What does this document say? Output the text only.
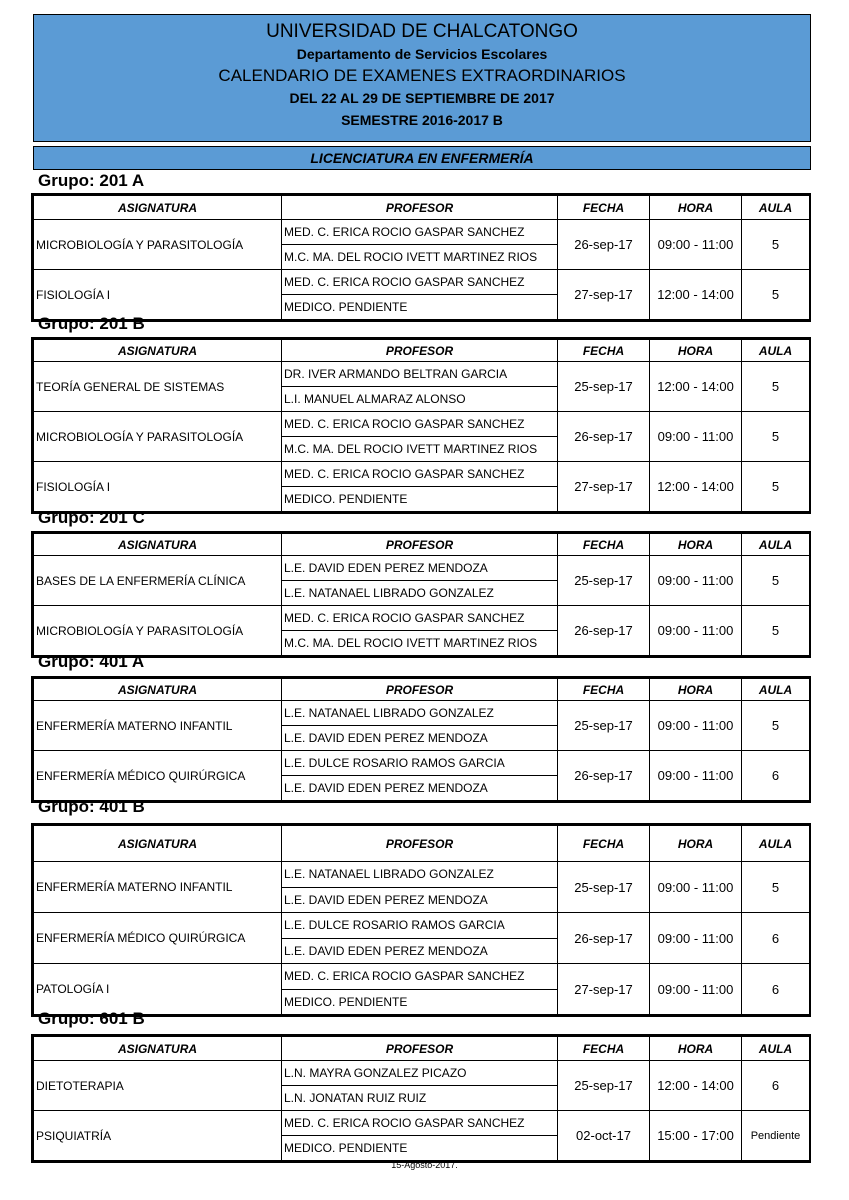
UNIVERSIDAD DE CHALCATONGO
Departamento de Servicios Escolares
CALENDARIO DE EXAMENES EXTRAORDINARIOS
DEL 22 AL 29 DE SEPTIEMBRE DE 2017
SEMESTRE 2016-2017 B
LICENCIATURA EN ENFERMERÍA
Grupo: 201 A
ASIGNATURA	PROFESOR	FECHA	HORA	AULA
MICROBIOLOGÍA Y PARASITOLOGÍA	MED. C. ERICA ROCIO GASPAR SANCHEZ	26-sep-17	09:00 - 11:00	5
	M.C. MA. DEL ROCIO IVETT MARTINEZ RIOS			
FISIOLOGÍA I	MED. C. ERICA ROCIO GASPAR SANCHEZ	27-sep-17	12:00 - 14:00	5
	MEDICO. PENDIENTE			
Grupo: 201 B
ASIGNATURA	PROFESOR	FECHA	HORA	AULA
TEORÍA GENERAL DE SISTEMAS	DR. IVER ARMANDO BELTRAN GARCIA	25-sep-17	12:00 - 14:00	5
	L.I. MANUEL ALMARAZ ALONSO			
MICROBIOLOGÍA Y PARASITOLOGÍA	MED. C. ERICA ROCIO GASPAR SANCHEZ	26-sep-17	09:00 - 11:00	5
	M.C. MA. DEL ROCIO IVETT MARTINEZ RIOS			
FISIOLOGÍA I	MED. C. ERICA ROCIO GASPAR SANCHEZ	27-sep-17	12:00 - 14:00	5
	MEDICO. PENDIENTE			
Grupo: 201 C
ASIGNATURA	PROFESOR	FECHA	HORA	AULA
BASES DE LA ENFERMERÍA CLÍNICA	L.E. DAVID EDEN PEREZ MENDOZA	25-sep-17	09:00 - 11:00	5
	L.E. NATANAEL LIBRADO GONZALEZ			
MICROBIOLOGÍA Y PARASITOLOGÍA	MED. C. ERICA ROCIO GASPAR SANCHEZ	26-sep-17	09:00 - 11:00	5
	M.C. MA. DEL ROCIO IVETT MARTINEZ RIOS			
Grupo: 401 A
ASIGNATURA	PROFESOR	FECHA	HORA	AULA
ENFERMERÍA MATERNO INFANTIL	L.E. NATANAEL LIBRADO GONZALEZ	25-sep-17	09:00 - 11:00	5
	L.E. DAVID EDEN PEREZ MENDOZA			
ENFERMERÍA MÉDICO QUIRÚRGICA	L.E. DULCE ROSARIO RAMOS GARCIA	26-sep-17	09:00 - 11:00	6
	L.E. DAVID EDEN PEREZ MENDOZA			
Grupo: 401 B
ASIGNATURA	PROFESOR	FECHA	HORA	AULA
ENFERMERÍA MATERNO INFANTIL	L.E. NATANAEL LIBRADO GONZALEZ	25-sep-17	09:00 - 11:00	5
	L.E. DAVID EDEN PEREZ MENDOZA			
ENFERMERÍA MÉDICO QUIRÚRGICA	L.E. DULCE ROSARIO RAMOS GARCIA	26-sep-17	09:00 - 11:00	6
	L.E. DAVID EDEN PEREZ MENDOZA			
PATOLOGÍA I	MED. C. ERICA ROCIO GASPAR SANCHEZ	27-sep-17	09:00 - 11:00	6
	MEDICO. PENDIENTE			
Grupo: 601 B
ASIGNATURA	PROFESOR	FECHA	HORA	AULA
DIETOTERAPIA	L.N. MAYRA GONZALEZ PICAZO	25-sep-17	12:00 - 14:00	6
	L.N. JONATAN RUIZ RUIZ			
PSIQUIATRÍA	MED. C. ERICA ROCIO GASPAR SANCHEZ	02-oct-17	15:00 - 17:00	Pendiente
	MEDICO. PENDIENTE			
15-Agosto-2017.
